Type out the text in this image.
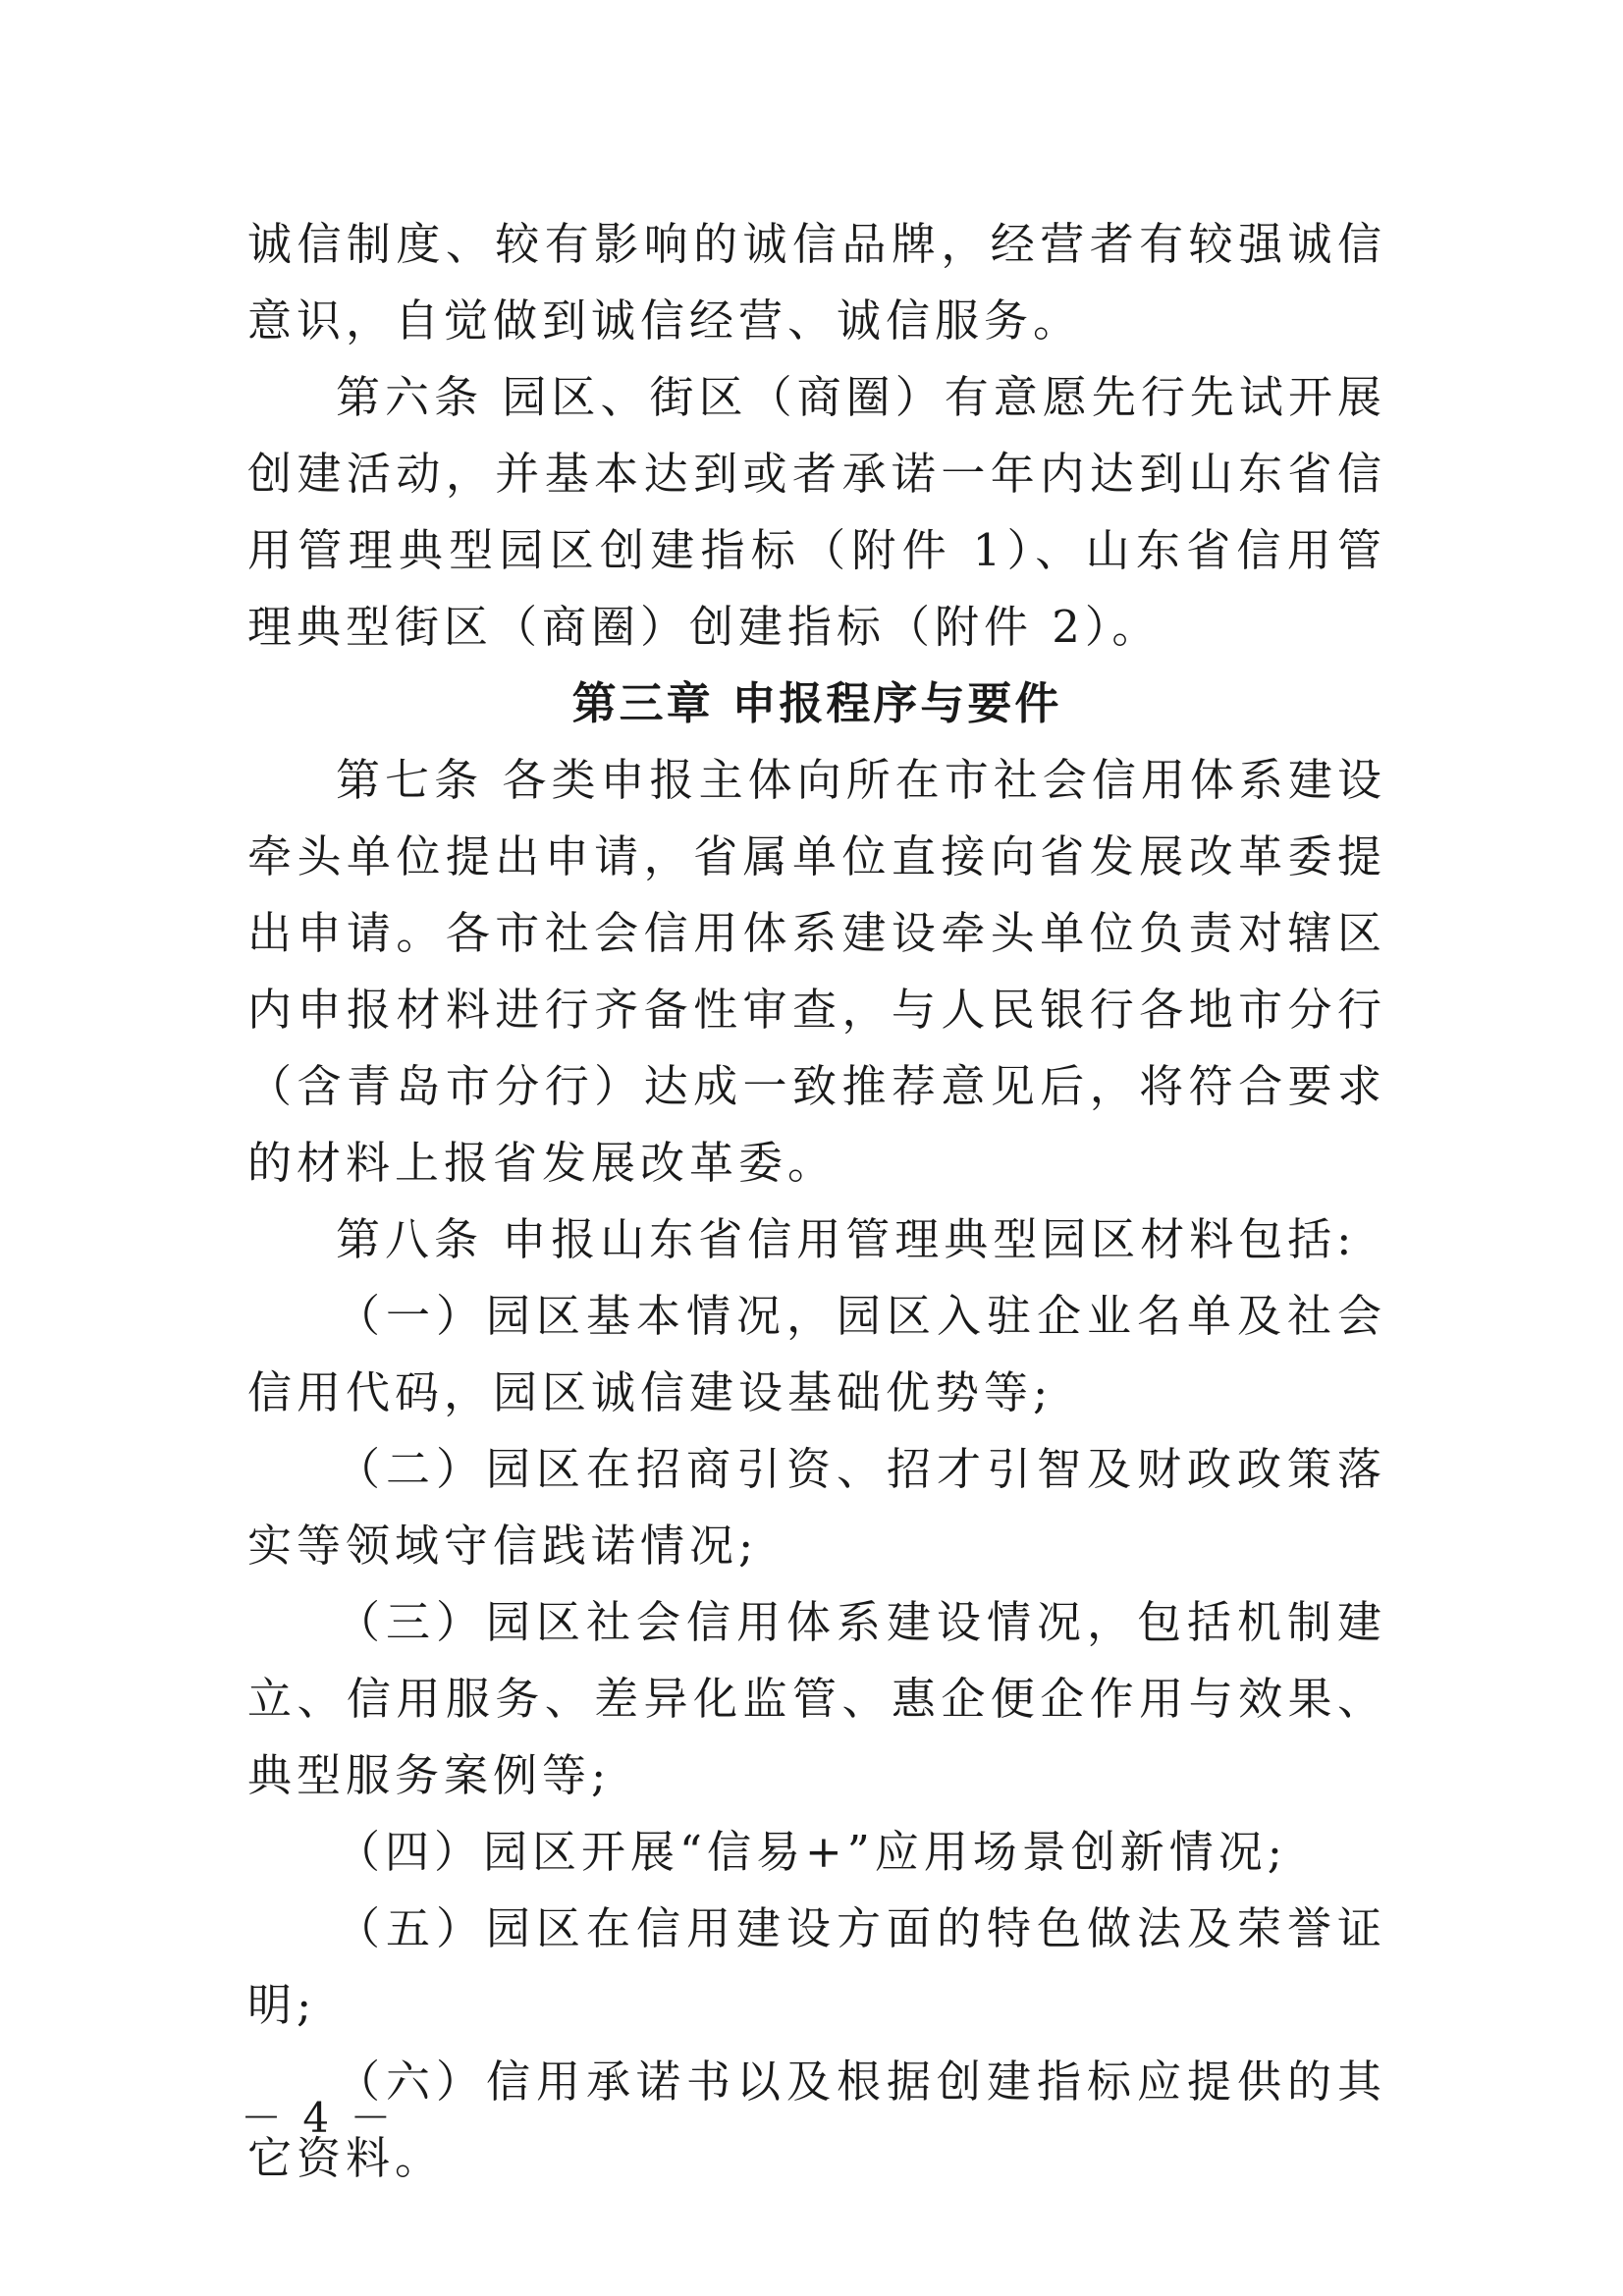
诚信制度、较有影响的诚信品牌，经营者有较强诚信意识，自觉做到诚信经营、诚信服务。

第六条 园区、街区（商圈）有意愿先行先试开展创建活动，并基本达到或者承诺一年内达到山东省信用管理典型园区创建指标（附件 1）、山东省信用管理典型街区（商圈）创建指标（附件 2）。

第三章 申报程序与要件

第七条 各类申报主体向所在市社会信用体系建设牵头单位提出申请，省属单位直接向省发展改革委提出申请。各市社会信用体系建设牵头单位负责对辖区内申报材料进行齐备性审查，与人民银行各地市分行（含青岛市分行）达成一致推荐意见后，将符合要求的材料上报省发展改革委。

第八条 申报山东省信用管理典型园区材料包括:

（一）园区基本情况，园区入驻企业名单及社会信用代码，园区诚信建设基础优势等;

（二）园区在招商引资、招才引智及财政政策落实等领域守信践诺情况;

（三）园区社会信用体系建设情况，包括机制建立、信用服务、差异化监管、惠企便企作用与效果、典型服务案例等;

（四）园区开展“信易+”应用场景创新情况;

（五）园区在信用建设方面的特色做法及荣誉证明;

（六）信用承诺书以及根据创建指标应提供的其它资料。

－ 4 －
